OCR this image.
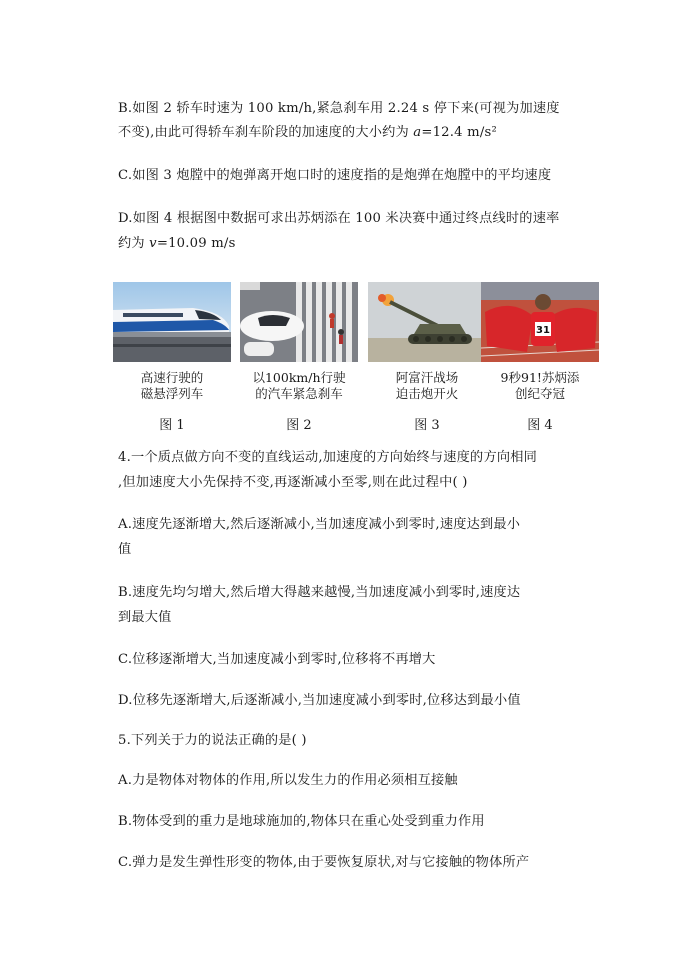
B.如图 2 轿车时速为 100 km/h,紧急刹车用 2.24 s 停下来(可视为加速度
不变),由此可得轿车刹车阶段的加速度的大小约为 a=12.4 m/s²
C.如图 3 炮膛中的炮弹离开炮口时的速度指的是炮弹在炮膛中的平均速度
D.如图 4 根据图中数据可求出苏炳添在 100 米决赛中通过终点线时的速率
约为 v=10.09 m/s
高速行驶的
磁悬浮列车
以100km/h行驶
的汽车紧急刹车
阿富汗战场
迫击炮开火
31
9秒91!苏炳添
创纪夺冠
图 1	图 2	图 3	图 4
4.一个质点做方向不变的直线运动,加速度的方向始终与速度的方向相同
,但加速度大小先保持不变,再逐渐减小至零,则在此过程中( )
A.速度先逐渐增大,然后逐渐减小,当加速度减小到零时,速度达到最小
值
B.速度先均匀增大,然后增大得越来越慢,当加速度减小到零时,速度达
到最大值
C.位移逐渐增大,当加速度减小到零时,位移将不再增大
D.位移先逐渐增大,后逐渐减小,当加速度减小到零时,位移达到最小值
5.下列关于力的说法正确的是( )
A.力是物体对物体的作用,所以发生力的作用必须相互接触
B.物体受到的重力是地球施加的,物体只在重心处受到重力作用
C.弹力是发生弹性形变的物体,由于要恢复原状,对与它接触的物体所产
